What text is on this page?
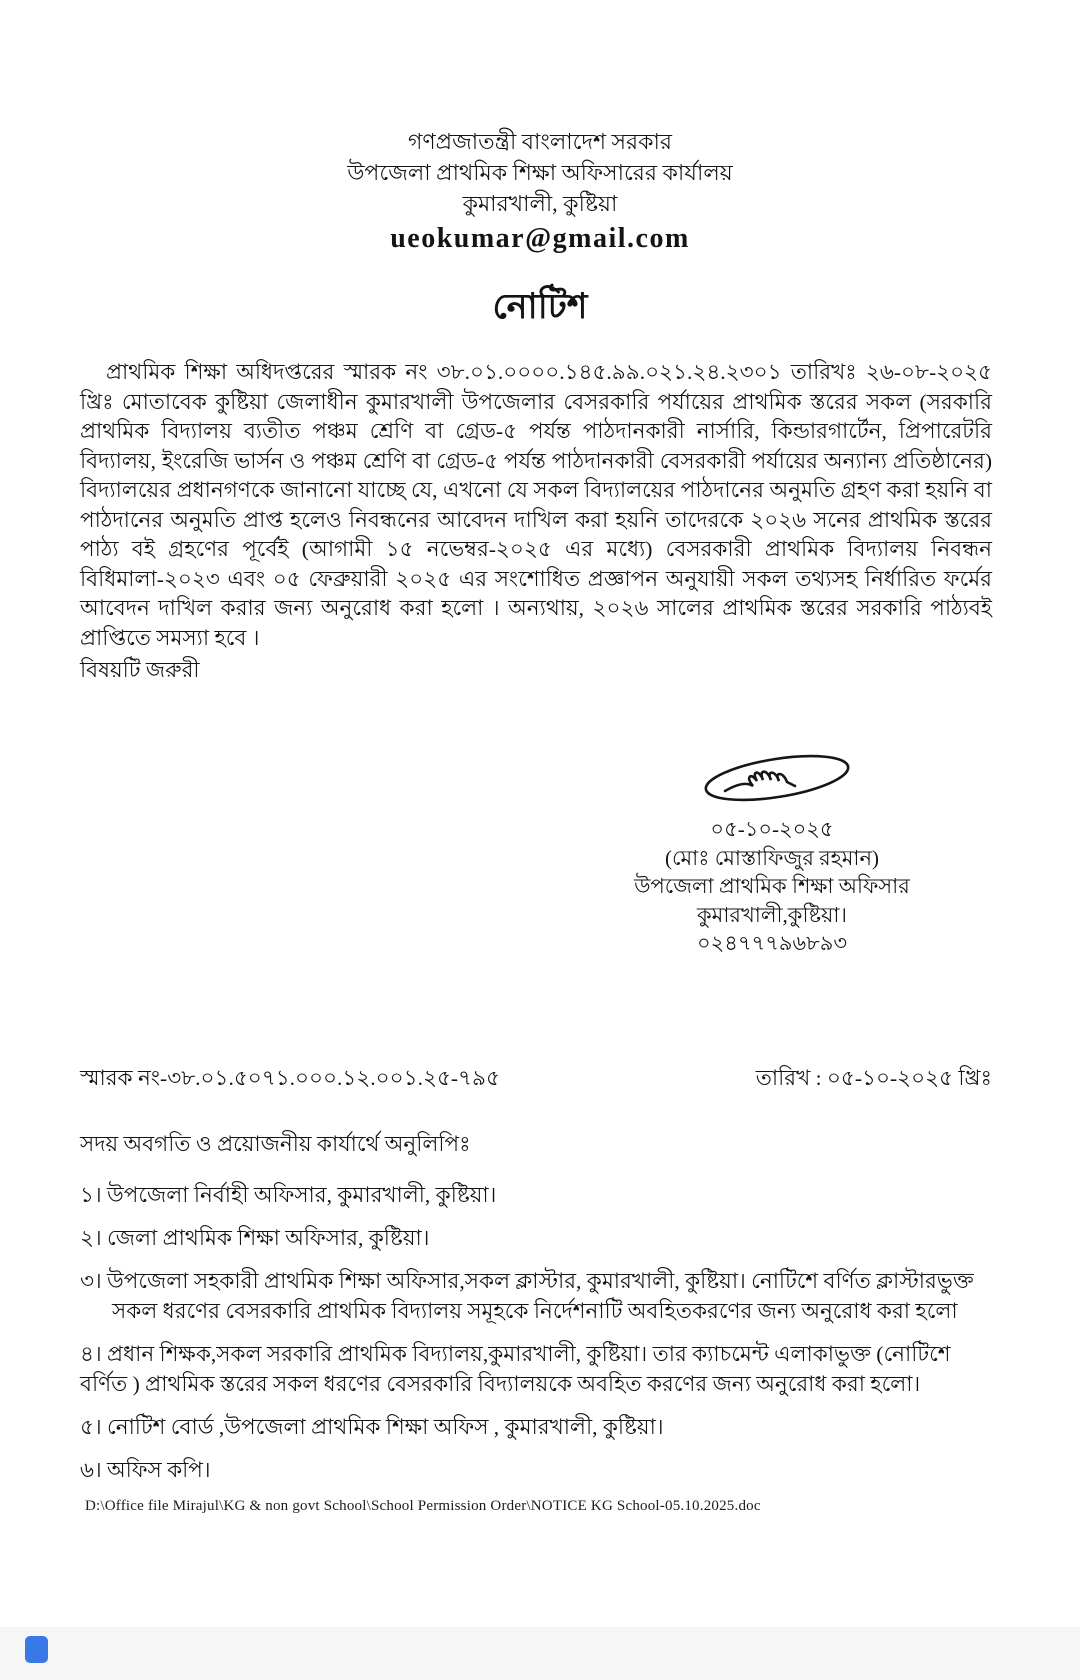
গণপ্রজাতন্ত্রী বাংলাদেশ সরকার
উপজেলা প্রাথমিক শিক্ষা অফিসারের কার্যালয়
কুমারখালী, কুষ্টিয়া
ueokumar@gmail.com
নোটিশ
প্রাথমিক শিক্ষা অধিদপ্তরের স্মারক নং ৩৮.০১.০০০০.১৪৫.৯৯.০২১.২৪.২৩০১ তারিখঃ ২৬-০৮-২০২৫ খ্রিঃ মোতাবেক কুষ্টিয়া জেলাধীন কুমারখালী উপজেলার বেসরকারি পর্যায়ের প্রাথমিক স্তরের সকল (সরকারি প্রাথমিক বিদ্যালয় ব্যতীত পঞ্চম শ্রেণি বা গ্রেড-৫ পর্যন্ত পাঠদানকারী নার্সারি, কিন্ডারগার্টেন, প্রিপারেটরি বিদ্যালয়, ইংরেজি ভার্সন ও পঞ্চম শ্রেণি বা গ্রেড-৫ পর্যন্ত পাঠদানকারী বেসরকারী পর্যায়ের অন্যান্য প্রতিষ্ঠানের) বিদ্যালয়ের প্রধানগণকে জানানো যাচ্ছে যে, এখনো যে সকল বিদ্যালয়ের পাঠদানের অনুমতি গ্রহণ করা হয়নি বা পাঠদানের অনুমতি প্রাপ্ত হলেও নিবন্ধনের আবেদন দাখিল করা হয়নি তাদেরকে ২০২৬ সনের প্রাথমিক স্তরের পাঠ্য বই গ্রহণের পূর্বেই (আগামী ১৫ নভেম্বর-২০২৫ এর মধ্যে) বেসরকারী প্রাথমিক বিদ্যালয় নিবন্ধন বিধিমালা-২০২৩ এবং ০৫ ফেব্রুয়ারী ২০২৫ এর সংশোধিত প্রজ্ঞাপন অনুযায়ী সকল তথ্যসহ নির্ধারিত ফর্মের আবেদন দাখিল করার জন্য অনুরোধ করা হলো । অন্যথায়, ২০২৬ সালের প্রাথমিক স্তরের সরকারি পাঠ্যবই প্রাপ্তিতে সমস্যা হবে ।
বিষয়টি জরুরী
০৫-১০-২০২৫
(মোঃ মোস্তাফিজুর রহমান)
উপজেলা প্রাথমিক শিক্ষা অফিসার
কুমারখালী,কুষ্টিয়া।
০২৪৭৭৭৯৬৮৯৩
স্মারক নং-৩৮.০১.৫০৭১.০০০.১২.০০১.২৫-৭৯৫	তারিখ : ০৫-১০-২০২৫ খ্রিঃ
সদয় অবগতি ও প্রয়োজনীয় কার্যার্থে অনুলিপিঃ
১। উপজেলা নির্বাহী অফিসার, কুমারখালী, কুষ্টিয়া।
২। জেলা প্রাথমিক শিক্ষা অফিসার, কুষ্টিয়া।
৩। উপজেলা সহকারী প্রাথমিক শিক্ষা অফিসার,সকল ক্লাস্টার, কুমারখালী, কুষ্টিয়া। নোটিশে বর্ণিত ক্লাস্টারভুক্ত সকল ধরণের বেসরকারি প্রাথমিক বিদ্যালয় সমূহকে নির্দেশনাটি অবহিতকরণের জন্য অনুরোধ করা হলো
৪। প্রধান শিক্ষক,সকল সরকারি প্রাথমিক বিদ্যালয়,কুমারখালী, কুষ্টিয়া। তার ক্যাচমেন্ট এলাকাভুক্ত (নোটিশে বর্ণিত ) প্রাথমিক স্তরের সকল ধরণের বেসরকারি বিদ্যালয়কে অবহিত করণের জন্য অনুরোধ করা হলো।
৫। নোটিশ বোর্ড ,উপজেলা প্রাথমিক শিক্ষা অফিস , কুমারখালী, কুষ্টিয়া।
৬। অফিস কপি।
D:\Office file Mirajul\KG & non govt School\School Permission Order\NOTICE KG School-05.10.2025.doc
